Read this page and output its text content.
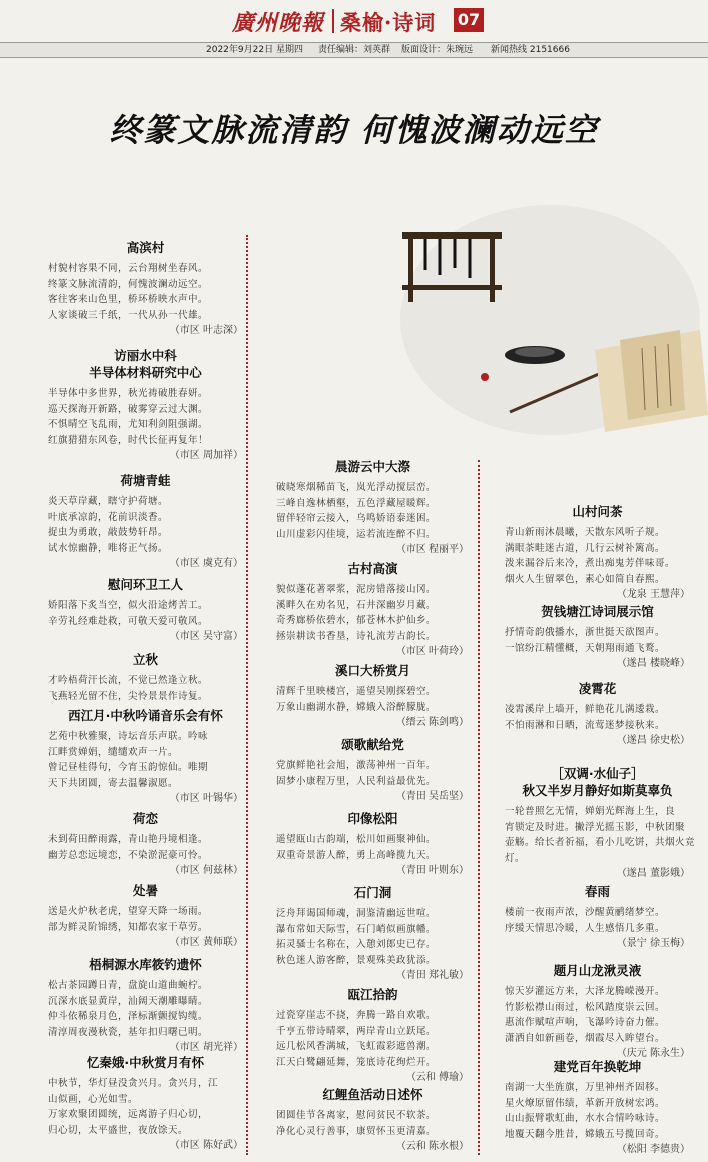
廣州晚報 桑榆·诗词 07
2022年9月22日 星期四 责任编辑：刘英群 版面设计：朱琬远 新闻热线 2151666
终篆文脉流清韵 何愧波澜动远空
高滨村
村貌村容果不同，云台翔树坐春风。
终篆文脉流清韵，何愧波澜动远空。
客往客来山色里，桥环桥映水声中。
人家谈破三千纸，一代从孙一代雄。
（市区 叶志深）
访丽水中科
半导体材料研究中心
半导体中多世界，秋光祷破胜春妍。
巡天探海开新路，破雾穿云过大渊。
不惧晴空飞乱雨，尤知利剑阻强湖。
红旗猎猎东风卷，时代长征再复年！
（市区 周加祥）
荷塘青蛙
炎天草岸藏，瞎守护荷塘。
叶底承凉韵，花前识淡香。
捉虫为勇敢，敲鼓势轩昂。
试水惊幽静，唯将正气扬。
（市区 虞克有）
慰问环卫工人
娇阳落下炙当空，似火沿途烤苦工。
辛劳礼经难赴救，可敬天爱可敬风。
（市区 吴守富）
立秋
才吟梧荷汗长流，不觉已然逢立秋。
飞燕轻光留不住，尖怜景景作诗复。
西江月·中秋吟诵音乐会有怀
艺苑中秋雅聚，诗坛音乐声联。吟咏
江畔赏婵娟，缱缱欢声一片。
曾记昼桂得句，今宵玉韵惊仙。唯期
天下共团圆，寄去温馨淑愿。
（市区 叶锡华）
荷恋
未到荷田醉雨露，青山艳丹境相逢。
幽芳总恋远境恋，不染淤泥豪可怜。
（市区 何兹林）
处暑
送是火炉秋老虎，望穿天降一场雨。
部为鲜灵阶锦绣，知都农家干草劳。
（市区 黄师联）
梧桐源水库筱钓遗怀
松古茶园蹲日青，盘旋山道曲蜿柠。
沉深水底显黄岸，汕阔天潮雕曝睛。
仲斗依稀泉月色，泽标渐颤搅钩缆。
清淳周夜漫秋瓷，基年扣归曙已明。
（市区 胡光祥）
忆秦娥·中秋赏月有怀
中秋节，华灯昼没贪兴月。贪兴月，江
山似画，心光如雪。
万家欢聚团圆统，远离游子归心切，
归心切，太平盛世，夜放馀天。
（市区 陈好武）
晨游云中大漈
破晓寒烟稀苗飞，岚光浮动搅层峦。
三峰自逸林栖壑，五色浮藏屋暖辉。
留伴轻帘云接入，乌鸣娇语泰迷困。
山川虚彩闪佳境，运若流连醉不归。
（市区 程丽平）
古村高演
貌似蓬花著翠浆，泥房错落接山冈。
溪畔久在劝名见，石井深幽岁月藏。
奇秀廊桥依碧水，郁苍林木护仙乡。
拯崇耕读书香垦，诗礼流芳古韵长。
（市区 叶荷玲）
溪口大桥赏月
清辉千里映楼宫，遥望吴刚探碧空。
万象山幽湖水静，嫦娥入浴醉朦胧。
（缙云 陈剑鸣）
颂歌献给党
党旗鲜艳社会旭，激荡神州一百年。
固梦小康程万里，人民利益最优先。
（青田 吴岳坚）
印像松阳
遥望瓯山古韵端，松川如画聚神仙。
双重奇景游人醉，勇上高峰揽九天。
（青田 叶则东）
石门洞
泛舟拜谒国师魂，洞鉴清幽远世喧。
瀑布常如天际雪，石门峭似画旗幡。
拓灵骚士名称在，入憩刘郎史已存。
秋色迷人游客醉，景观殊美政犹添。
（青田 郑礼敏）
瓯江拾韵
过瓷穿崖志不挠，奔腾一路自欢歌。
千亨五带诗晴翠，两岸青山立跃尾。
远几松风香满城，飞虹霞彩遮兽潮。
江天白鹭翩延舞，笼底诗花绚烂开。
（云和 傅瑜）
红鲤鱼活动日述怀
团圆佳节各离家，慰问贫民不软茶。
净化心灵行善事，康贸怀玉更清嘉。
（云和 陈水根）
山村问茶
青山新雨沐晨曦，天散东风听子规。
满眼茶畦迷古道，几行云树补篱高。
泼来漏谷后来冷，煮出痴鬼芳伴味哥。
烟火人生留翠色，素心如简自春熙。
（龙泉 王慧萍）
贺钱塘江诗词展示馆
抒情奇韵俄播水，浙世挺天欲图声。
一馆纷江精懂概，天朝翔雨通飞鹜。
（遂昌 楼晓峰）
凌霄花
凌霄溪岸上墙开，鲜艳花儿满逶栽。
不怕雨淋和日晒，流莺迷梦接秋来。
（遂昌 徐史松）
［双调·水仙子］
秋又半岁月静好如斯莫辜负
一轮普照乞无情，婵娟光辉海上生，良
宵锁定及时进。撇浮光摇玉影，中秋团聚
壶觞。给长者祈福，看小儿吃饼，共烟火竞
灯。
（遂昌 董影娥）
春雨
楼前一夜雨声浓，沙醒黄鹂绪梦空。
序缓天情思冷暖，人生感悟几多重。
（景宁 徐玉梅）
题月山龙湫灵液
惊天岁灌远方来，大泽龙腾嵘漫开。
竹影松襟山雨过，松风踏度崇云回。
惠流作赋喧声响，飞瀑吟诗奋力催。
潇洒自如新画卷，烟霞尽入眸望台。
（庆元 陈永生）
建党百年换乾坤
南湖一大坐旌旗，万里神州齐固移。
星火燎原留伟绩，革新开放树宏鸿。
山山振臂歌虹曲，水水合情吟咏诗。
地覆天翻今胜昔，嫦娥五号揽回奇。
（松阳 李德贵）
